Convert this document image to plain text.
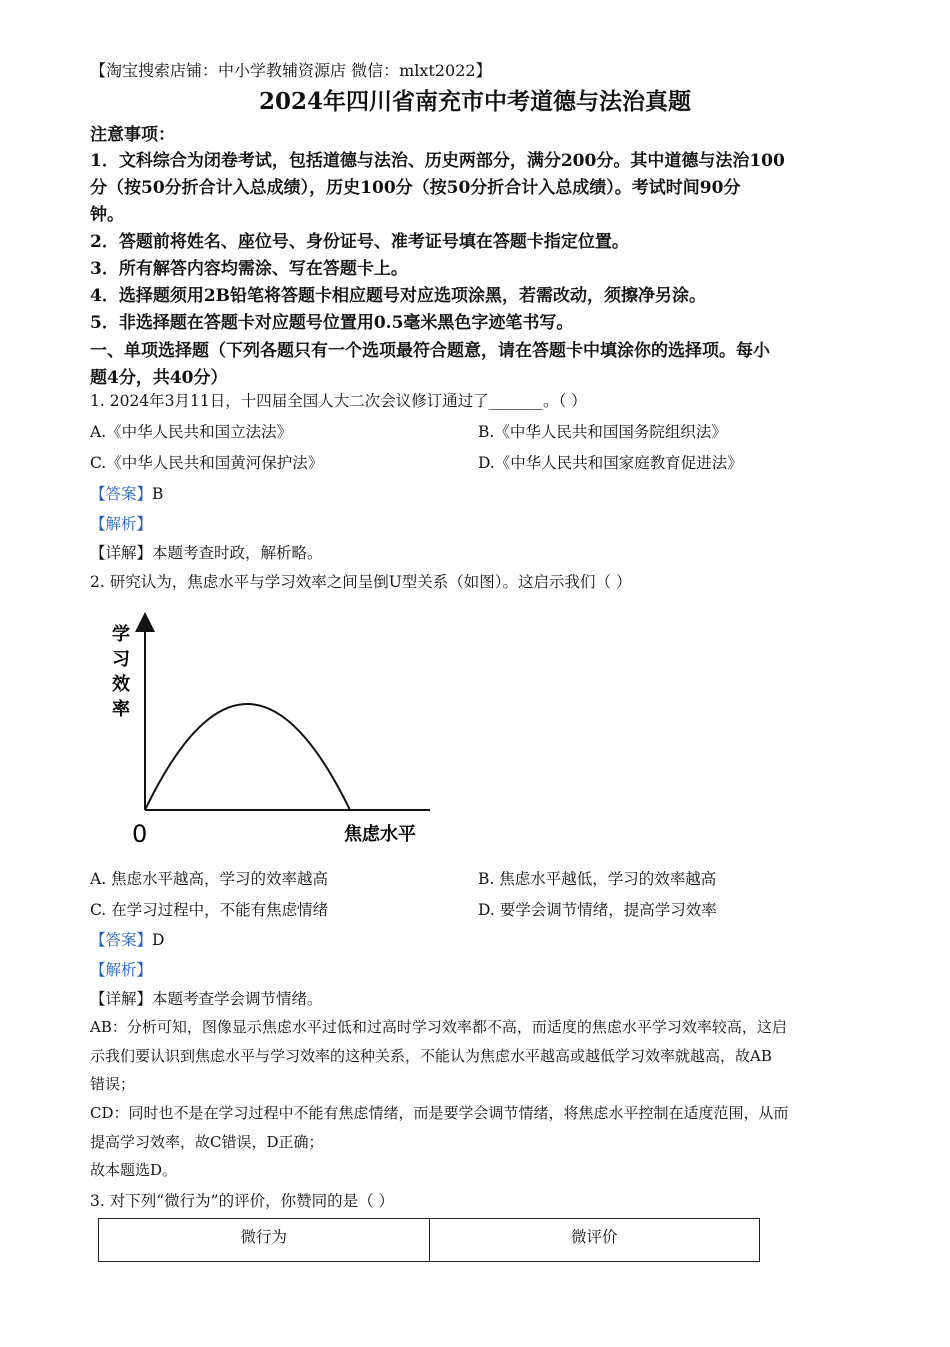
【淘宝搜索店铺：中小学教辅资源店 微信：mlxt2022】
2024年四川省南充市中考道德与法治真题
注意事项：
1．文科综合为闭卷考试，包括道德与法治、历史两部分，满分200分。其中道德与法治100
分（按50分折合计入总成绩），历史100分（按50分折合计入总成绩）。考试时间90分
钟。
2．答题前将姓名、座位号、身份证号、准考证号填在答题卡指定位置。
3．所有解答内容均需涂、写在答题卡上。
4．选择题须用2B铅笔将答题卡相应题号对应选项涂黑，若需改动，须擦净另涂。
5．非选择题在答题卡对应题号位置用0.5毫米黑色字迹笔书写。
一、单项选择题（下列各题只有一个选项最符合题意，请在答题卡中填涂你的选择项。每小
题4分，共40分）
1. 2024年3月11日，十四届全国人大二次会议修订通过了_______。（ ）
A.《中华人民共和国立法法》	B.《中华人民共和国国务院组织法》
C.《中华人民共和国黄河保护法》	D.《中华人民共和国家庭教育促进法》
【答案】B
【解析】
【详解】本题考查时政，解析略。
2. 研究认为，焦虑水平与学习效率之间呈倒U型关系（如图）。这启示我们（ ）
学
习
效
率
0	焦虑水平
A. 焦虑水平越高，学习的效率越高	B. 焦虑水平越低，学习的效率越高
C. 在学习过程中，不能有焦虑情绪	D. 要学会调节情绪，提高学习效率
【答案】D
【解析】
【详解】本题考查学会调节情绪。
AB：分析可知，图像显示焦虑水平过低和过高时学习效率都不高，而适度的焦虑水平学习效率较高，这启
示我们要认识到焦虑水平与学习效率的这种关系，不能认为焦虑水平越高或越低学习效率就越高，故AB
错误；
CD：同时也不是在学习过程中不能有焦虑情绪，而是要学会调节情绪，将焦虑水平控制在适度范围，从而
提高学习效率，故C错误，D正确；
故本题选D。
3. 对下列“微行为”的评价，你赞同的是（ ）
微行为	微评价
